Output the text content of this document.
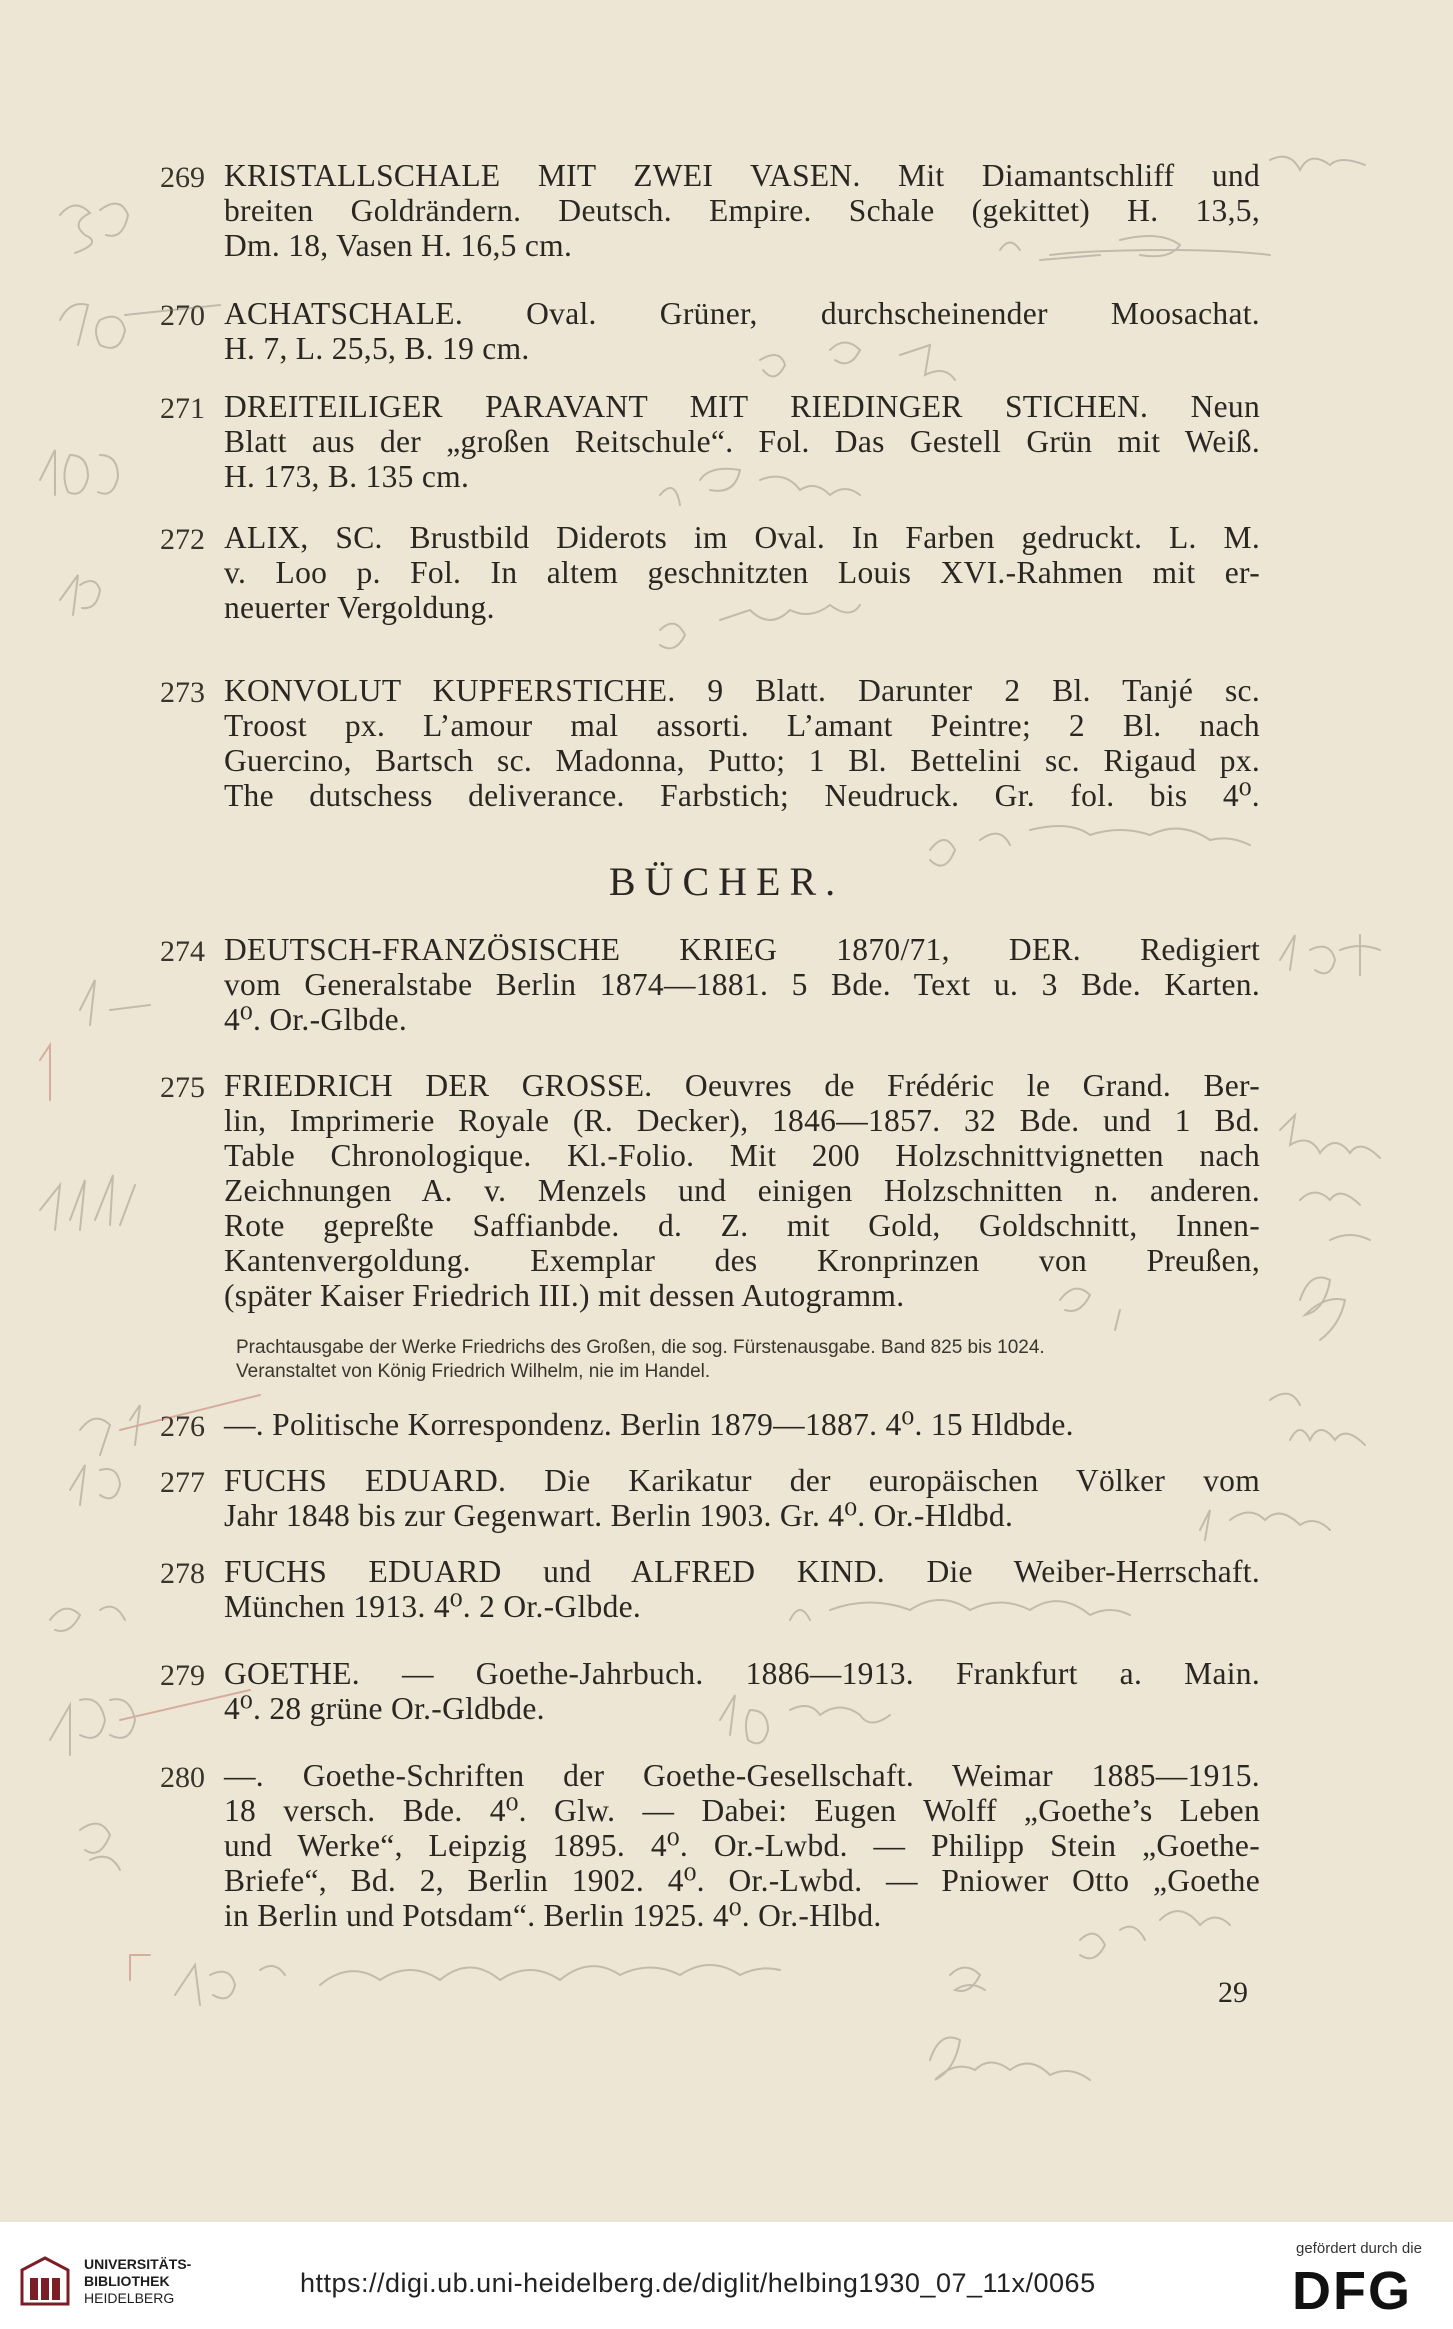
269 KRISTALLSCHALE MIT ZWEI VASEN. Mit Diamantschliff und
breiten Goldrändern. Deutsch. Empire. Schale (gekittet) H. 13,5,
Dm. 18, Vasen H. 16,5 cm.
270 ACHATSCHALE. Oval. Grüner, durchscheinender Moosachat.
H. 7, L. 25,5, B. 19 cm.
271 DREITEILIGER PARAVANT MIT RIEDINGER STICHEN. Neun
Blatt aus der „großen Reitschule“. Fol. Das Gestell Grün mit Weiß.
H. 173, B. 135 cm.
272 ALIX, SC. Brustbild Diderots im Oval. In Farben gedruckt. L. M.
v. Loo p. Fol. In altem geschnitzten Louis XVI.-Rahmen mit er-
neuerter Vergoldung.
273 KONVOLUT KUPFERSTICHE. 9 Blatt. Darunter 2 Bl. Tanjé sc.
Troost px. L’amour mal assorti. L’amant Peintre; 2 Bl. nach
Guercino, Bartsch sc. Madonna, Putto; 1 Bl. Bettelini sc. Rigaud px.
The dutschess deliverance. Farbstich; Neudruck. Gr. fol. bis 4⁰.
BÜCHER.
274 DEUTSCH-FRANZÖSISCHE KRIEG 1870/71, DER. Redigiert
vom Generalstabe Berlin 1874—1881. 5 Bde. Text u. 3 Bde. Karten.
4⁰. Or.-Glbde.
275 FRIEDRICH DER GROSSE. Oeuvres de Frédéric le Grand. Ber-
lin, Imprimerie Royale (R. Decker), 1846—1857. 32 Bde. und 1 Bd.
Table Chronologique. Kl.-Folio. Mit 200 Holzschnittvignetten nach
Zeichnungen A. v. Menzels und einigen Holzschnitten n. anderen.
Rote gepreßte Saffianbde. d. Z. mit Gold, Goldschnitt, Innen-
Kantenvergoldung. Exemplar des Kronprinzen von Preußen,
(später Kaiser Friedrich III.) mit dessen Autogramm.
Prachtausgabe der Werke Friedrichs des Großen, die sog. Fürstenausgabe. Band 825 bis 1024.
Veranstaltet von König Friedrich Wilhelm, nie im Handel.
276 —. Politische Korrespondenz. Berlin 1879—1887. 4⁰. 15 Hldbde.
277 FUCHS EDUARD. Die Karikatur der europäischen Völker vom
Jahr 1848 bis zur Gegenwart. Berlin 1903. Gr. 4⁰. Or.-Hldbd.
278 FUCHS EDUARD und ALFRED KIND. Die Weiber-Herrschaft.
München 1913. 4⁰. 2 Or.-Glbde.
279 GOETHE. — Goethe-Jahrbuch. 1886—1913. Frankfurt a. Main.
4⁰. 28 grüne Or.-Gldbde.
280 —. Goethe-Schriften der Goethe-Gesellschaft. Weimar 1885—1915.
18 versch. Bde. 4⁰. Glw. — Dabei: Eugen Wolff „Goethe’s Leben
und Werke“, Leipzig 1895. 4⁰. Or.-Lwbd. — Philipp Stein „Goethe-
Briefe“, Bd. 2, Berlin 1902. 4⁰. Or.-Lwbd. — Pniower Otto „Goethe
in Berlin und Potsdam“. Berlin 1925. 4⁰. Or.-Hlbd.
29
UNIVERSITÄTS-
BIBLIOTHEK
HEIDELBERG	https://digi.ub.uni-heidelberg.de/diglit/helbing1930_07_11x/0065
gefördert durch die
DFG
